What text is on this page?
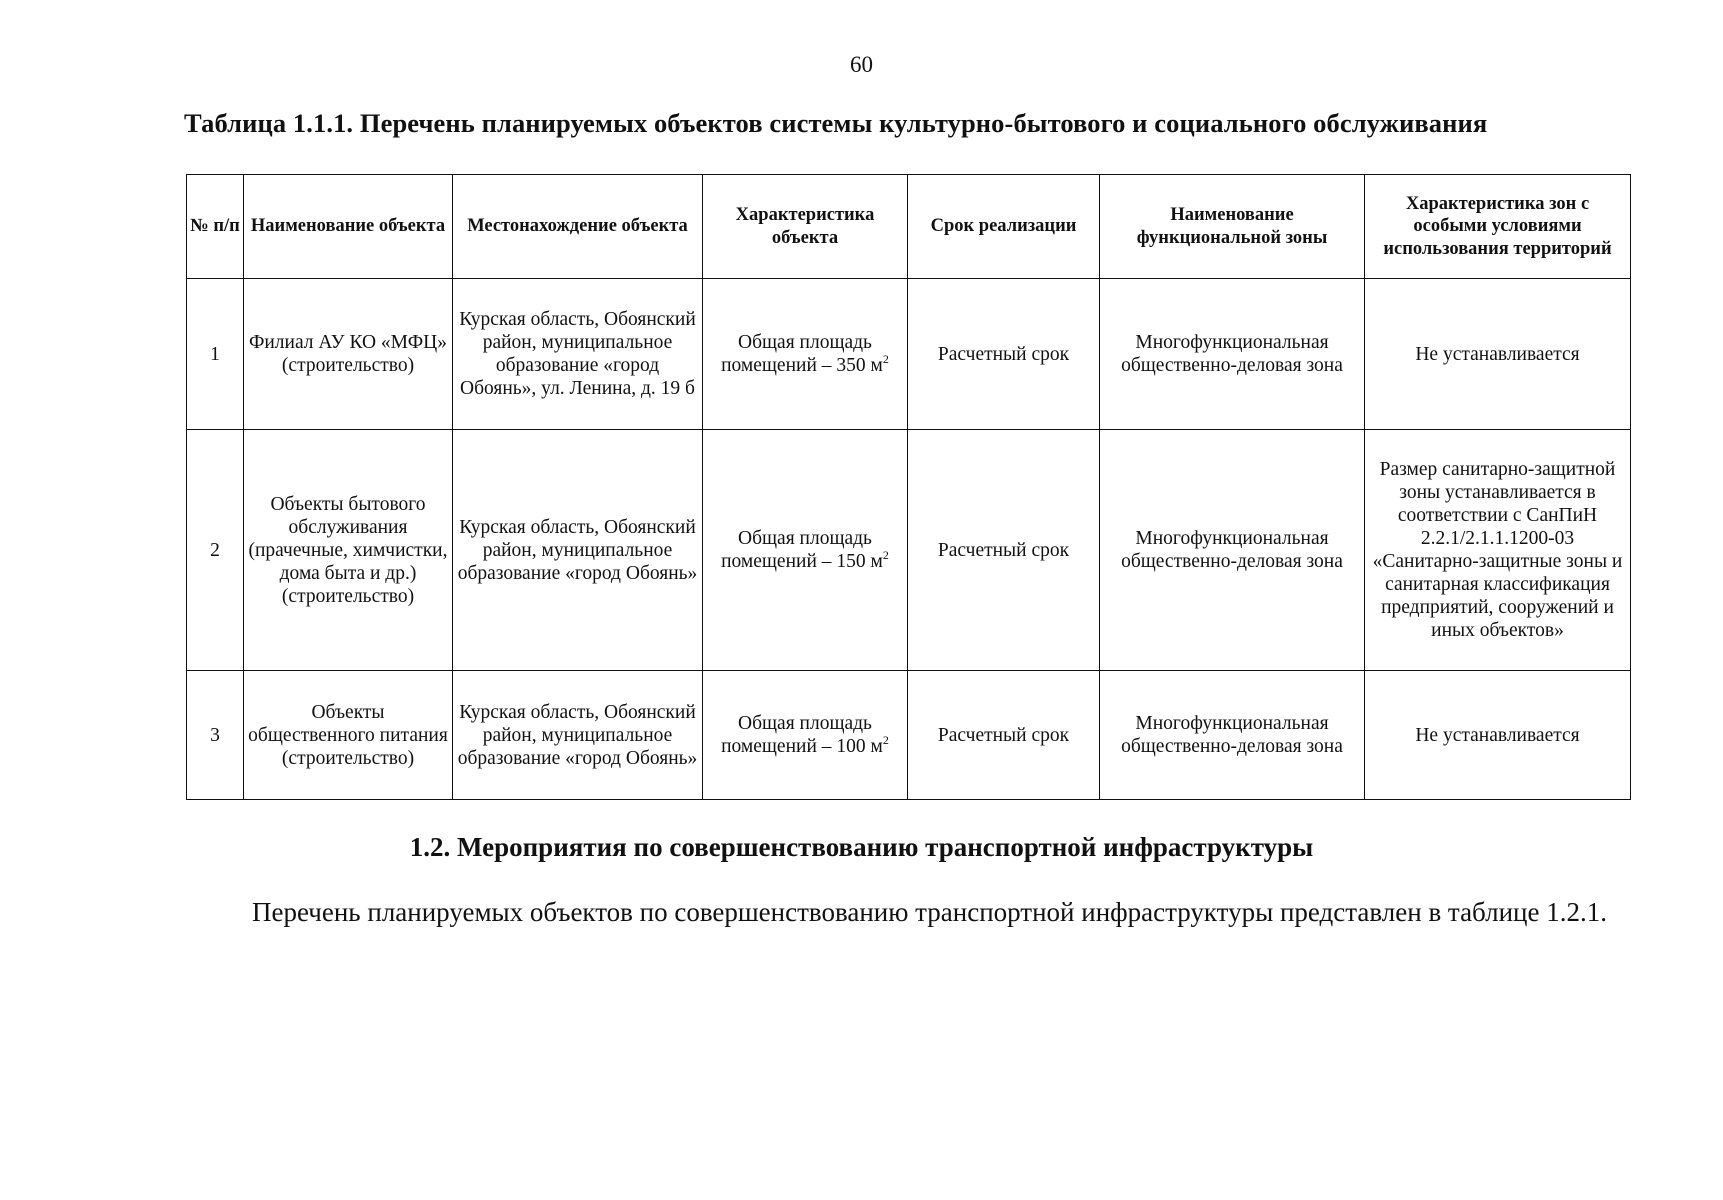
60
Таблица 1.1.1. Перечень планируемых объектов системы культурно-бытового и социального обслуживания
№ п/п	Наименование объекта	Местонахождение объекта	Характеристика объекта	Срок реализации	Наименование функциональной зоны	Характеристика зон с особыми условиями использования территорий
1	Филиал АУ КО «МФЦ» (строительство)	Курская область, Обоянский район, муниципальное образование «город Обоянь», ул. Ленина, д. 19 б	Общая площадь помещений – 350 $м^2$	Расчетный срок	Многофункциональная общественно-деловая зона	Не устанавливается
2	Объекты бытового обслуживания (прачечные, химчистки, дома быта и др.) (строительство)	Курская область, Обоянский район, муниципальное образование «город Обоянь»	Общая площадь помещений – 150 $м^2$	Расчетный срок	Многофункциональная общественно-деловая зона	Размер санитарно-защитной зоны устанавливается в соответствии с СанПиН 2.2.1/2.1.1.1200-03 «Санитарно-защитные зоны и санитарная классификация предприятий, сооружений и иных объектов»
3	Объекты общественного питания (строительство)	Курская область, Обоянский район, муниципальное образование «город Обоянь»	Общая площадь помещений – 100 $м^2$	Расчетный срок	Многофункциональная общественно-деловая зона	Не устанавливается
1.2. Мероприятия по совершенствованию транспортной инфраструктуры
Перечень планируемых объектов по совершенствованию транспортной инфраструктуры представлен в таблице 1.2.1.
